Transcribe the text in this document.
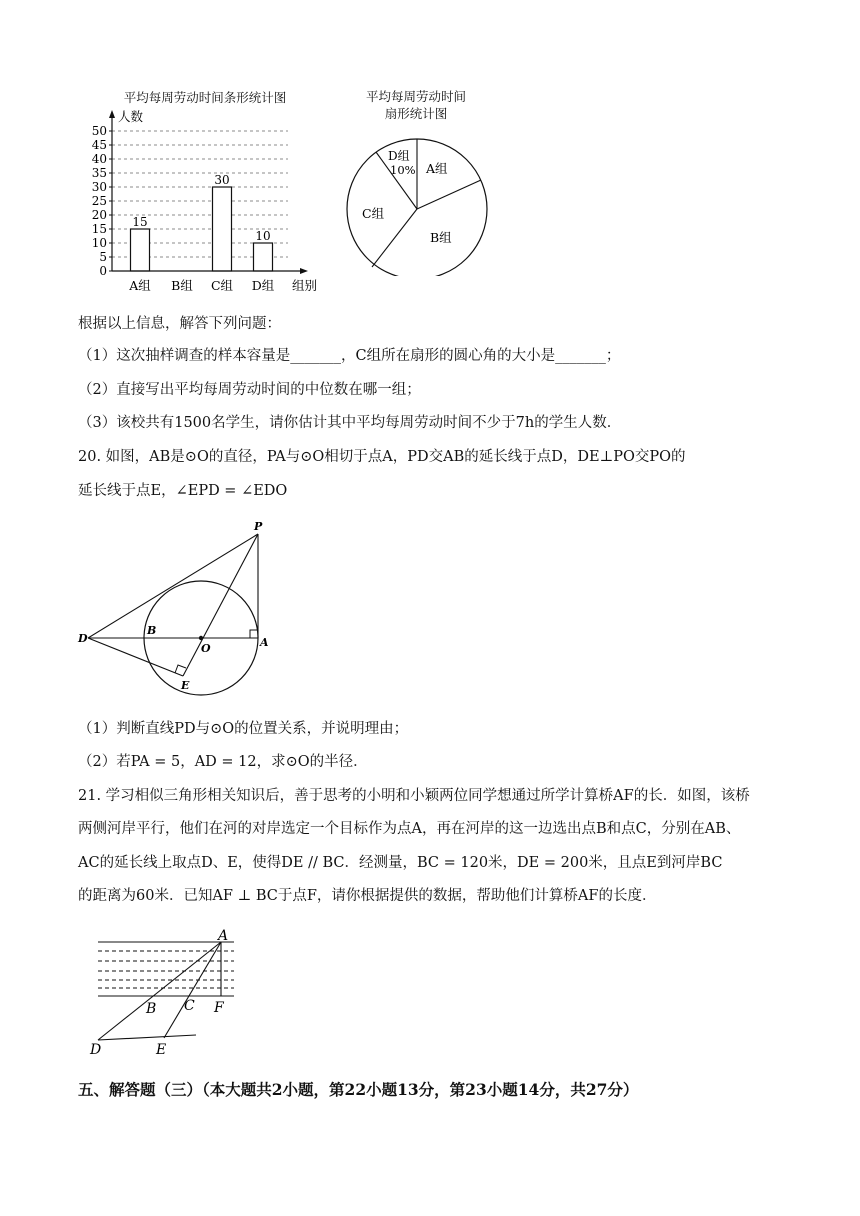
平均每周劳动时间条形统计图
0
5
10
15
20
25
30
35
40
45
50
15
30
10
A组 B组 C组 D组
人数
组别
平均每周劳动时间
扇形统计图
A组
B组
C组
D组
10%
根据以上信息，解答下列问题：
（1）这次抽样调查的样本容量是_______，C组所在扇形的圆心角的大小是_______；
（2）直接写出平均每周劳动时间的中位数在哪一组；
（3）该校共有1500名学生，请你估计其中平均每周劳动时间不少于7h的学生人数．
20. 如图，AB是⊙O的直径，PA与⊙O相切于点A，PD交AB的延长线于点D，DE⊥PO交PO的
延长线于点E，∠EPD = ∠EDO
P
D
B
O	A
E
（1）判断直线PD与⊙O的位置关系，并说明理由；
（2）若PA = 5，AD = 12，求⊙O的半径．
21. 学习相似三角形相关知识后，善于思考的小明和小颖两位同学想通过所学计算桥AF的长．如图，该桥
两侧河岸平行，他们在河的对岸选定一个目标作为点A，再在河岸的这一边选出点B和点C，分别在AB、
AC的延长线上取点D、E，使得DE // BC．经测量，BC = 120米，DE = 200米，且点E到河岸BC
的距离为60米．已知AF ⊥ BC于点F，请你根据提供的数据，帮助他们计算桥AF的长度．
A
B C F
D	E
五、解答题（三）（本大题共2小题，第22小题13分，第23小题14分，共27分）
